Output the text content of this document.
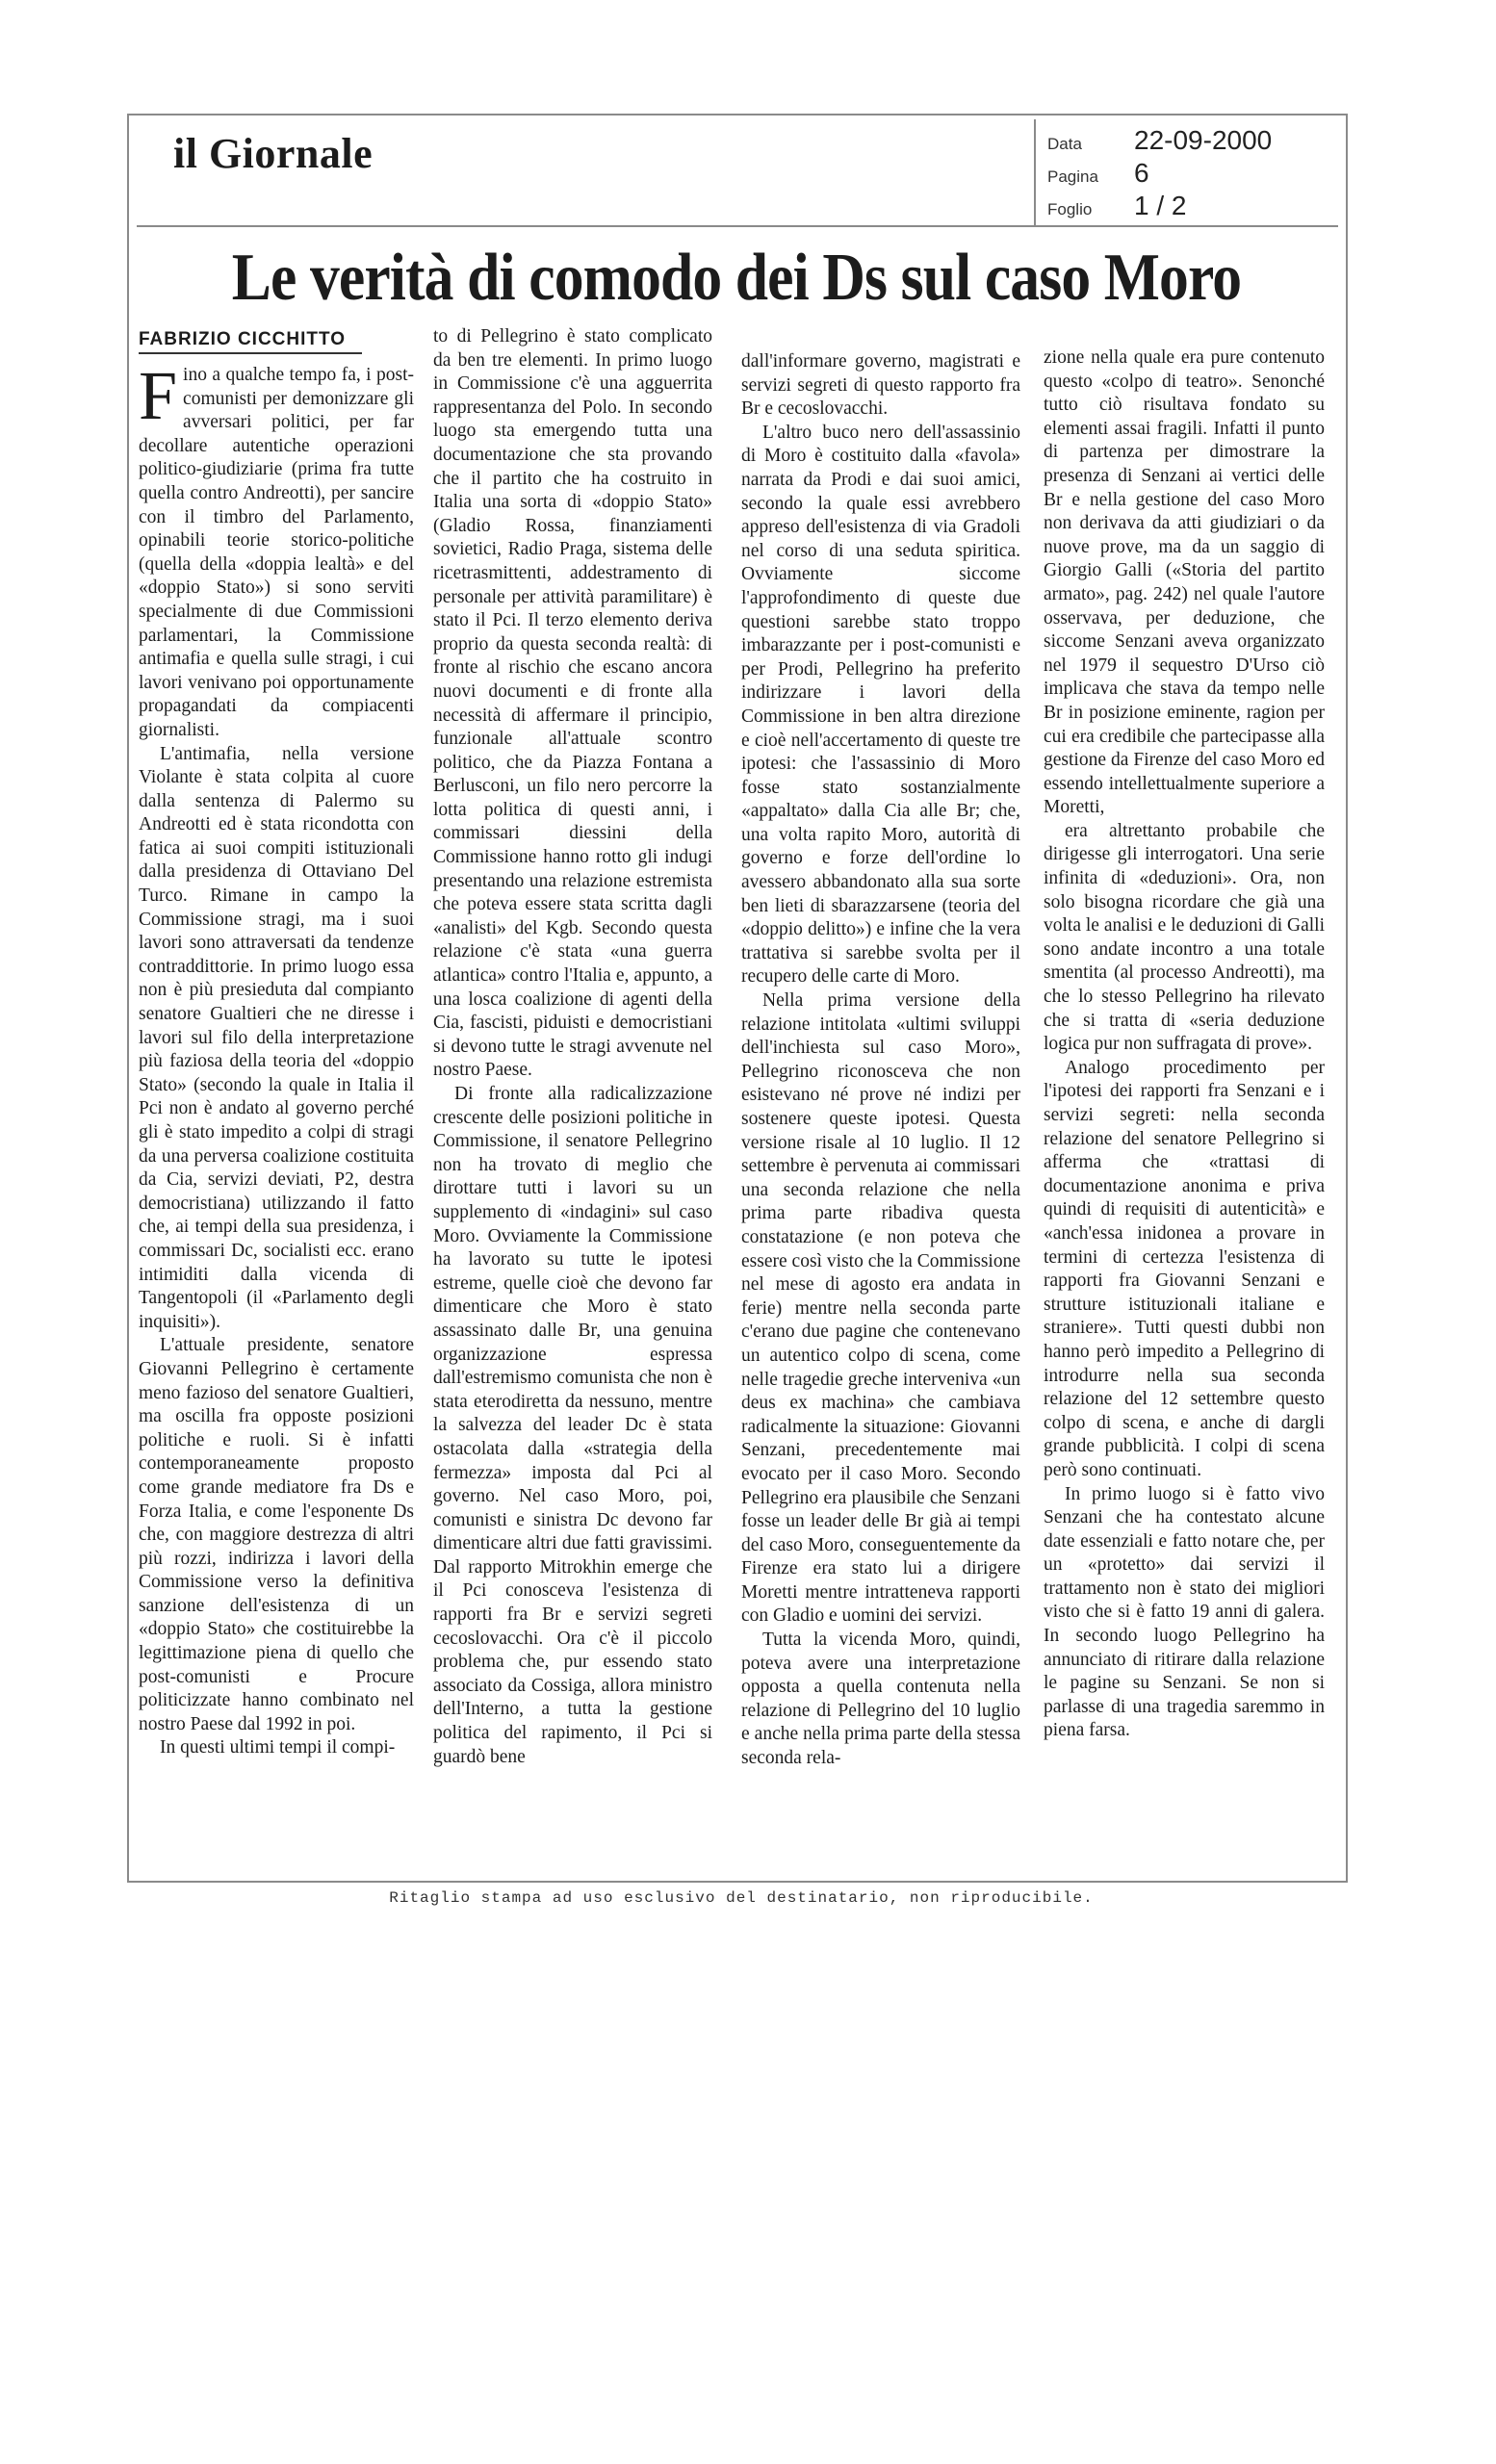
il Giornale	Data 22-09-2000
Pagina 6
Foglio 1 / 2
Le verità di comodo dei Ds sul caso Moro
FABRIZIO CICCHITTO

Fino a qualche tempo fa, i post-comunisti per demonizzare gli avversari politici, per far decollare autentiche operazioni politico-giudiziarie (prima fra tutte quella contro Andreotti), per sancire con il timbro del Parlamento, opinabili teorie storico-politiche (quella della «doppia lealtà» e del «doppio Stato») si sono serviti specialmente di due Commissioni parlamentari, la Commissione antimafia e quella sulle stragi, i cui lavori venivano poi opportunamente propagandati da compiacenti giornalisti.

L'antimafia, nella versione Violante è stata colpita al cuore dalla sentenza di Palermo su Andreotti ed è stata ricondotta con fatica ai suoi compiti istituzionali dalla presidenza di Ottaviano Del Turco. Rimane in campo la Commissione stragi, ma i suoi lavori sono attraversati da tendenze contraddittorie. In primo luogo essa non è più presieduta dal compianto senatore Gualtieri che ne diresse i lavori sul filo della interpretazione più faziosa della teoria del «doppio Stato» (secondo la quale in Italia il Pci non è andato al governo perché gli è stato impedito a colpi di stragi da una perversa coalizione costituita da Cia, servizi deviati, P2, destra democristiana) utilizzando il fatto che, ai tempi della sua presidenza, i commissari Dc, socialisti ecc. erano intimiditi dalla vicenda di Tangentopoli (il «Parlamento degli inquisiti»).

L'attuale presidente, senatore Giovanni Pellegrino è certamente meno fazioso del senatore Gualtieri, ma oscilla fra opposte posizioni politiche e ruoli. Si è infatti contemporaneamente proposto come grande mediatore fra Ds e Forza Italia, e come l'esponente Ds che, con maggiore destrezza di altri più rozzi, indirizza i lavori della Commissione verso la definitiva sanzione dell'esistenza di un «doppio Stato» che costituirebbe la legittimazione piena di quello che post-comunisti e Procure politicizzate hanno combinato nel nostro Paese dal 1992 in poi.

In questi ultimi tempi il compi-

to di Pellegrino è stato complicato da ben tre elementi. In primo luogo in Commissione c'è una agguerrita rappresentanza del Polo. In secondo luogo sta emergendo tutta una documentazione che sta provando che il partito che ha costruito in Italia una sorta di «doppio Stato» (Gladio Rossa, finanziamenti sovietici, Radio Praga, sistema delle ricetrasmittenti, addestramento di personale per attività paramilitare) è stato il Pci. Il terzo elemento deriva proprio da questa seconda realtà: di fronte al rischio che escano ancora nuovi documenti e di fronte alla necessità di affermare il principio, funzionale all'attuale scontro politico, che da Piazza Fontana a Berlusconi, un filo nero percorre la lotta politica di questi anni, i commissari diessini della Commissione hanno rotto gli indugi presentando una relazione estremista che poteva essere stata scritta dagli «analisti» del Kgb. Secondo questa relazione c'è stata «una guerra atlantica» contro l'Italia e, appunto, a una losca coalizione di agenti della Cia, fascisti, piduisti e democristiani si devono tutte le stragi avvenute nel nostro Paese.

Di fronte alla radicalizzazione crescente delle posizioni politiche in Commissione, il senatore Pellegrino non ha trovato di meglio che dirottare tutti i lavori su un supplemento di «indagini» sul caso Moro. Ovviamente la Commissione ha lavorato su tutte le ipotesi estreme, quelle cioè che devono far dimenticare che Moro è stato assassinato dalle Br, una genuina organizzazione espressa dall'estremismo comunista che non è stata eterodiretta da nessuno, mentre la salvezza del leader Dc è stata ostacolata dalla «strategia della fermezza» imposta dal Pci al governo. Nel caso Moro, poi, comunisti e sinistra Dc devono far dimenticare altri due fatti gravissimi. Dal rapporto Mitrokhin emerge che il Pci conosceva l'esistenza di rapporti fra Br e servizi segreti cecoslovacchi. Ora c'è il piccolo problema che, pur essendo stato associato da Cossiga, allora ministro dell'Interno, a tutta la gestione politica del rapimento, il Pci si guardò bene

dall'informare governo, magistrati e servizi segreti di questo rapporto fra Br e cecoslovacchi.

L'altro buco nero dell'assassinio di Moro è costituito dalla «favola» narrata da Prodi e dai suoi amici, secondo la quale essi avrebbero appreso dell'esistenza di via Gradoli nel corso di una seduta spiritica. Ovviamente siccome l'approfondimento di queste due questioni sarebbe stato troppo imbarazzante per i post-comunisti e per Prodi, Pellegrino ha preferito indirizzare i lavori della Commissione in ben altra direzione e cioè nell'accertamento di queste tre ipotesi: che l'assassinio di Moro fosse stato sostanzialmente «appaltato» dalla Cia alle Br; che, una volta rapito Moro, autorità di governo e forze dell'ordine lo avessero abbandonato alla sua sorte ben lieti di sbarazzarsene (teoria del «doppio delitto») e infine che la vera trattativa si sarebbe svolta per il recupero delle carte di Moro.

Nella prima versione della relazione intitolata «ultimi sviluppi dell'inchiesta sul caso Moro», Pellegrino riconosceva che non esistevano né prove né indizi per sostenere queste ipotesi. Questa versione risale al 10 luglio. Il 12 settembre è pervenuta ai commissari una seconda relazione che nella prima parte ribadiva questa constatazione (e non poteva che essere così visto che la Commissione nel mese di agosto era andata in ferie) mentre nella seconda parte c'erano due pagine che contenevano un autentico colpo di scena, come nelle tragedie greche interveniva «un deus ex machina» che cambiava radicalmente la situazione: Giovanni Senzani, precedentemente mai evocato per il caso Moro. Secondo Pellegrino era plausibile che Senzani fosse un leader delle Br già ai tempi del caso Moro, conseguentemente da Firenze era stato lui a dirigere Moretti mentre intratteneva rapporti con Gladio e uomini dei servizi.

Tutta la vicenda Moro, quindi, poteva avere una interpretazione opposta a quella contenuta nella relazione di Pellegrino del 10 luglio e anche nella prima parte della stessa seconda rela-

zione nella quale era pure contenuto questo «colpo di teatro». Senonché tutto ciò risultava fondato su elementi assai fragili. Infatti il punto di partenza per dimostrare la presenza di Senzani ai vertici delle Br e nella gestione del caso Moro non derivava da atti giudiziari o da nuove prove, ma da un saggio di Giorgio Galli («Storia del partito armato», pag. 242) nel quale l'autore osservava, per deduzione, che siccome Senzani aveva organizzato nel 1979 il sequestro D'Urso ciò implicava che stava da tempo nelle Br in posizione eminente, ragion per cui era credibile che partecipasse alla gestione da Firenze del caso Moro ed essendo intellettualmente superiore a Moretti,

era altrettanto probabile che dirigesse gli interrogatori. Una serie infinita di «deduzioni». Ora, non solo bisogna ricordare che già una volta le analisi e le deduzioni di Galli sono andate incontro a una totale smentita (al processo Andreotti), ma che lo stesso Pellegrino ha rilevato che si tratta di «seria deduzione logica pur non suffragata di prove».

Analogo procedimento per l'ipotesi dei rapporti fra Senzani e i servizi segreti: nella seconda relazione del senatore Pellegrino si afferma che «trattasi di documentazione anonima e priva quindi di requisiti di autenticità» e «anch'essa inidonea a provare in termini di certezza l'esistenza di rapporti fra Giovanni Senzani e strutture istituzionali italiane e straniere». Tutti questi dubbi non hanno però impedito a Pellegrino di introdurre nella sua seconda relazione del 12 settembre questo colpo di scena, e anche di dargli grande pubblicità. I colpi di scena però sono continuati.

In primo luogo si è fatto vivo Senzani che ha contestato alcune date essenziali e fatto notare che, per un «protetto» dai servizi il trattamento non è stato dei migliori visto che si è fatto 19 anni di galera. In secondo luogo Pellegrino ha annunciato di ritirare dalla relazione le pagine su Senzani. Se non si parlasse di una tragedia saremmo in piena farsa.

Ritaglio stampa ad uso esclusivo del destinatario, non riproducibile.
